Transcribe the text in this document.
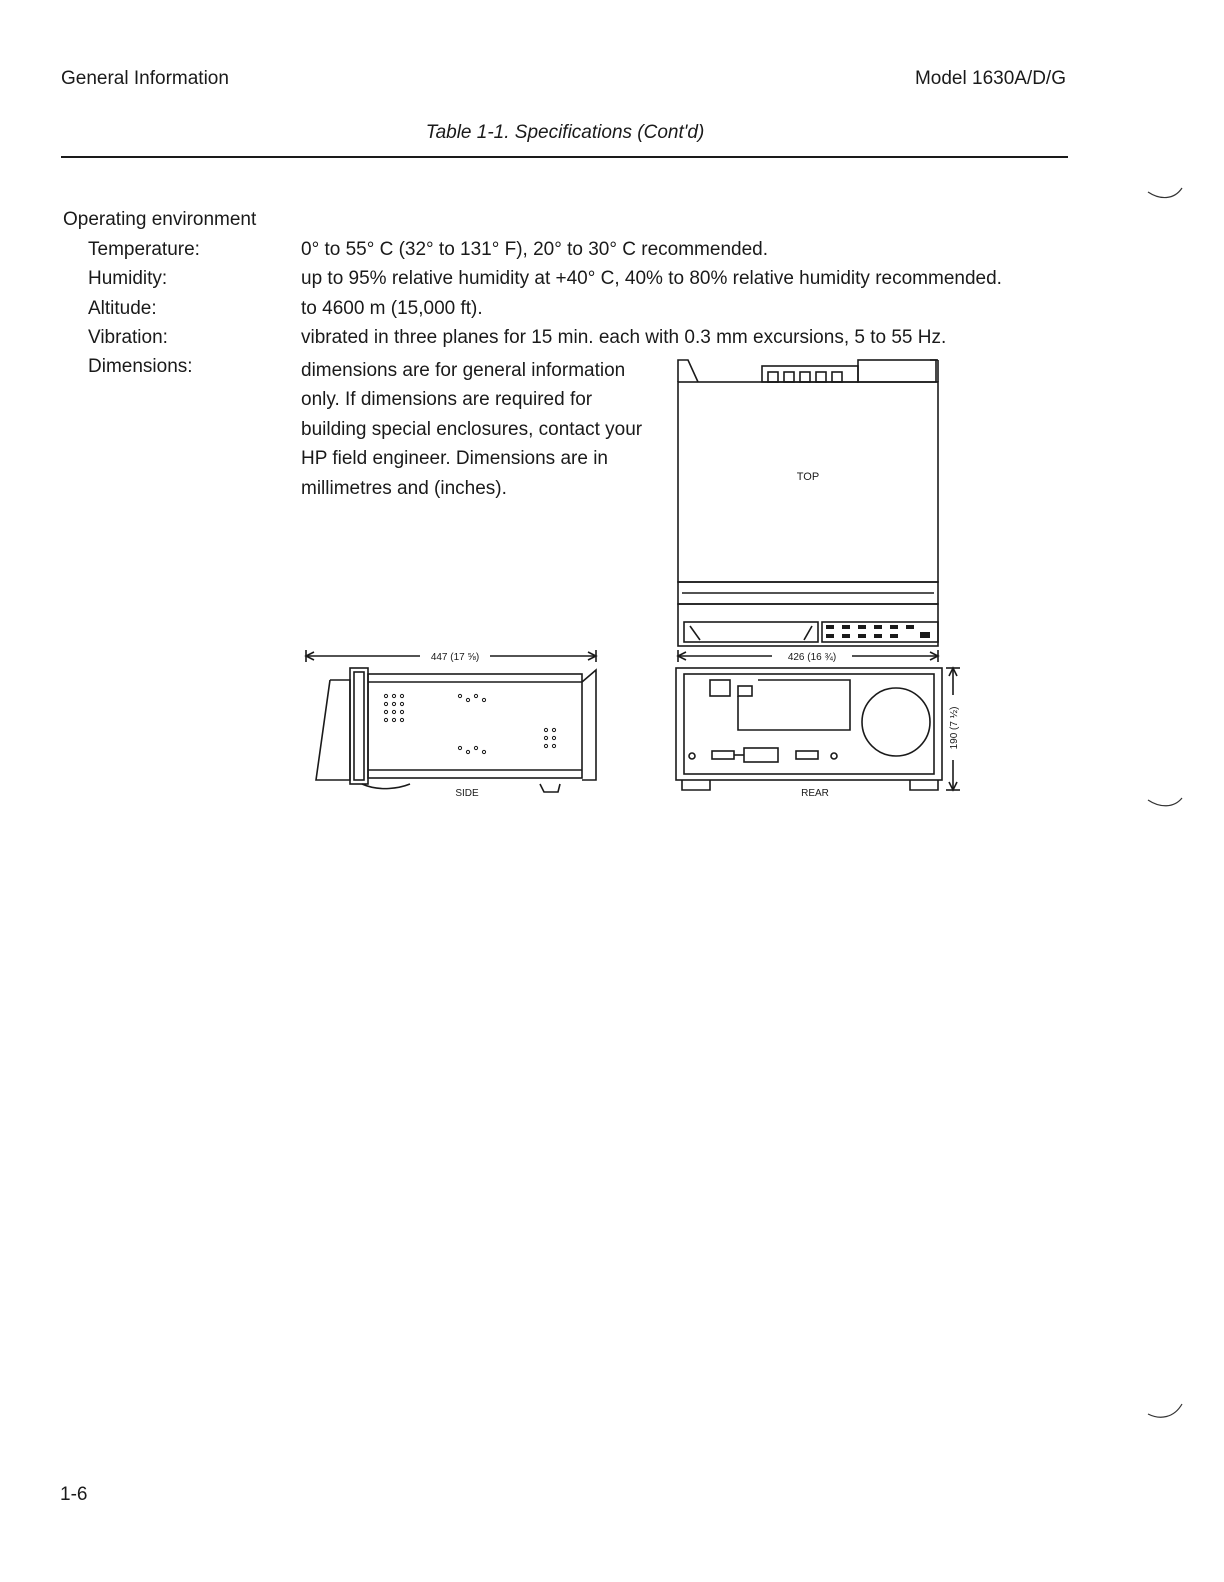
General Information	Model 1630A/D/G
Table 1-1. Specifications (Cont'd)
Operating environment
Temperature:	0° to 55° C (32° to 131° F), 20° to 30° C recommended.
Humidity:	up to 95% relative humidity at +40° C, 40% to 80% relative humidity recommended.
Altitude:	to 4600 m (15,000 ft).
Vibration:	vibrated in three planes for 15 min. each with 0.3 mm excursions, 5 to 55 Hz.
Dimensions:	dimensions are for general information only. If dimensions are required for building special enclosures, contact your HP field engineer. Dimensions are in millimetres and (inches).
TOP
447 (17 ⅝)	426 (16 ¾)
190 (7 ½)
SIDE	REAR
1-6
